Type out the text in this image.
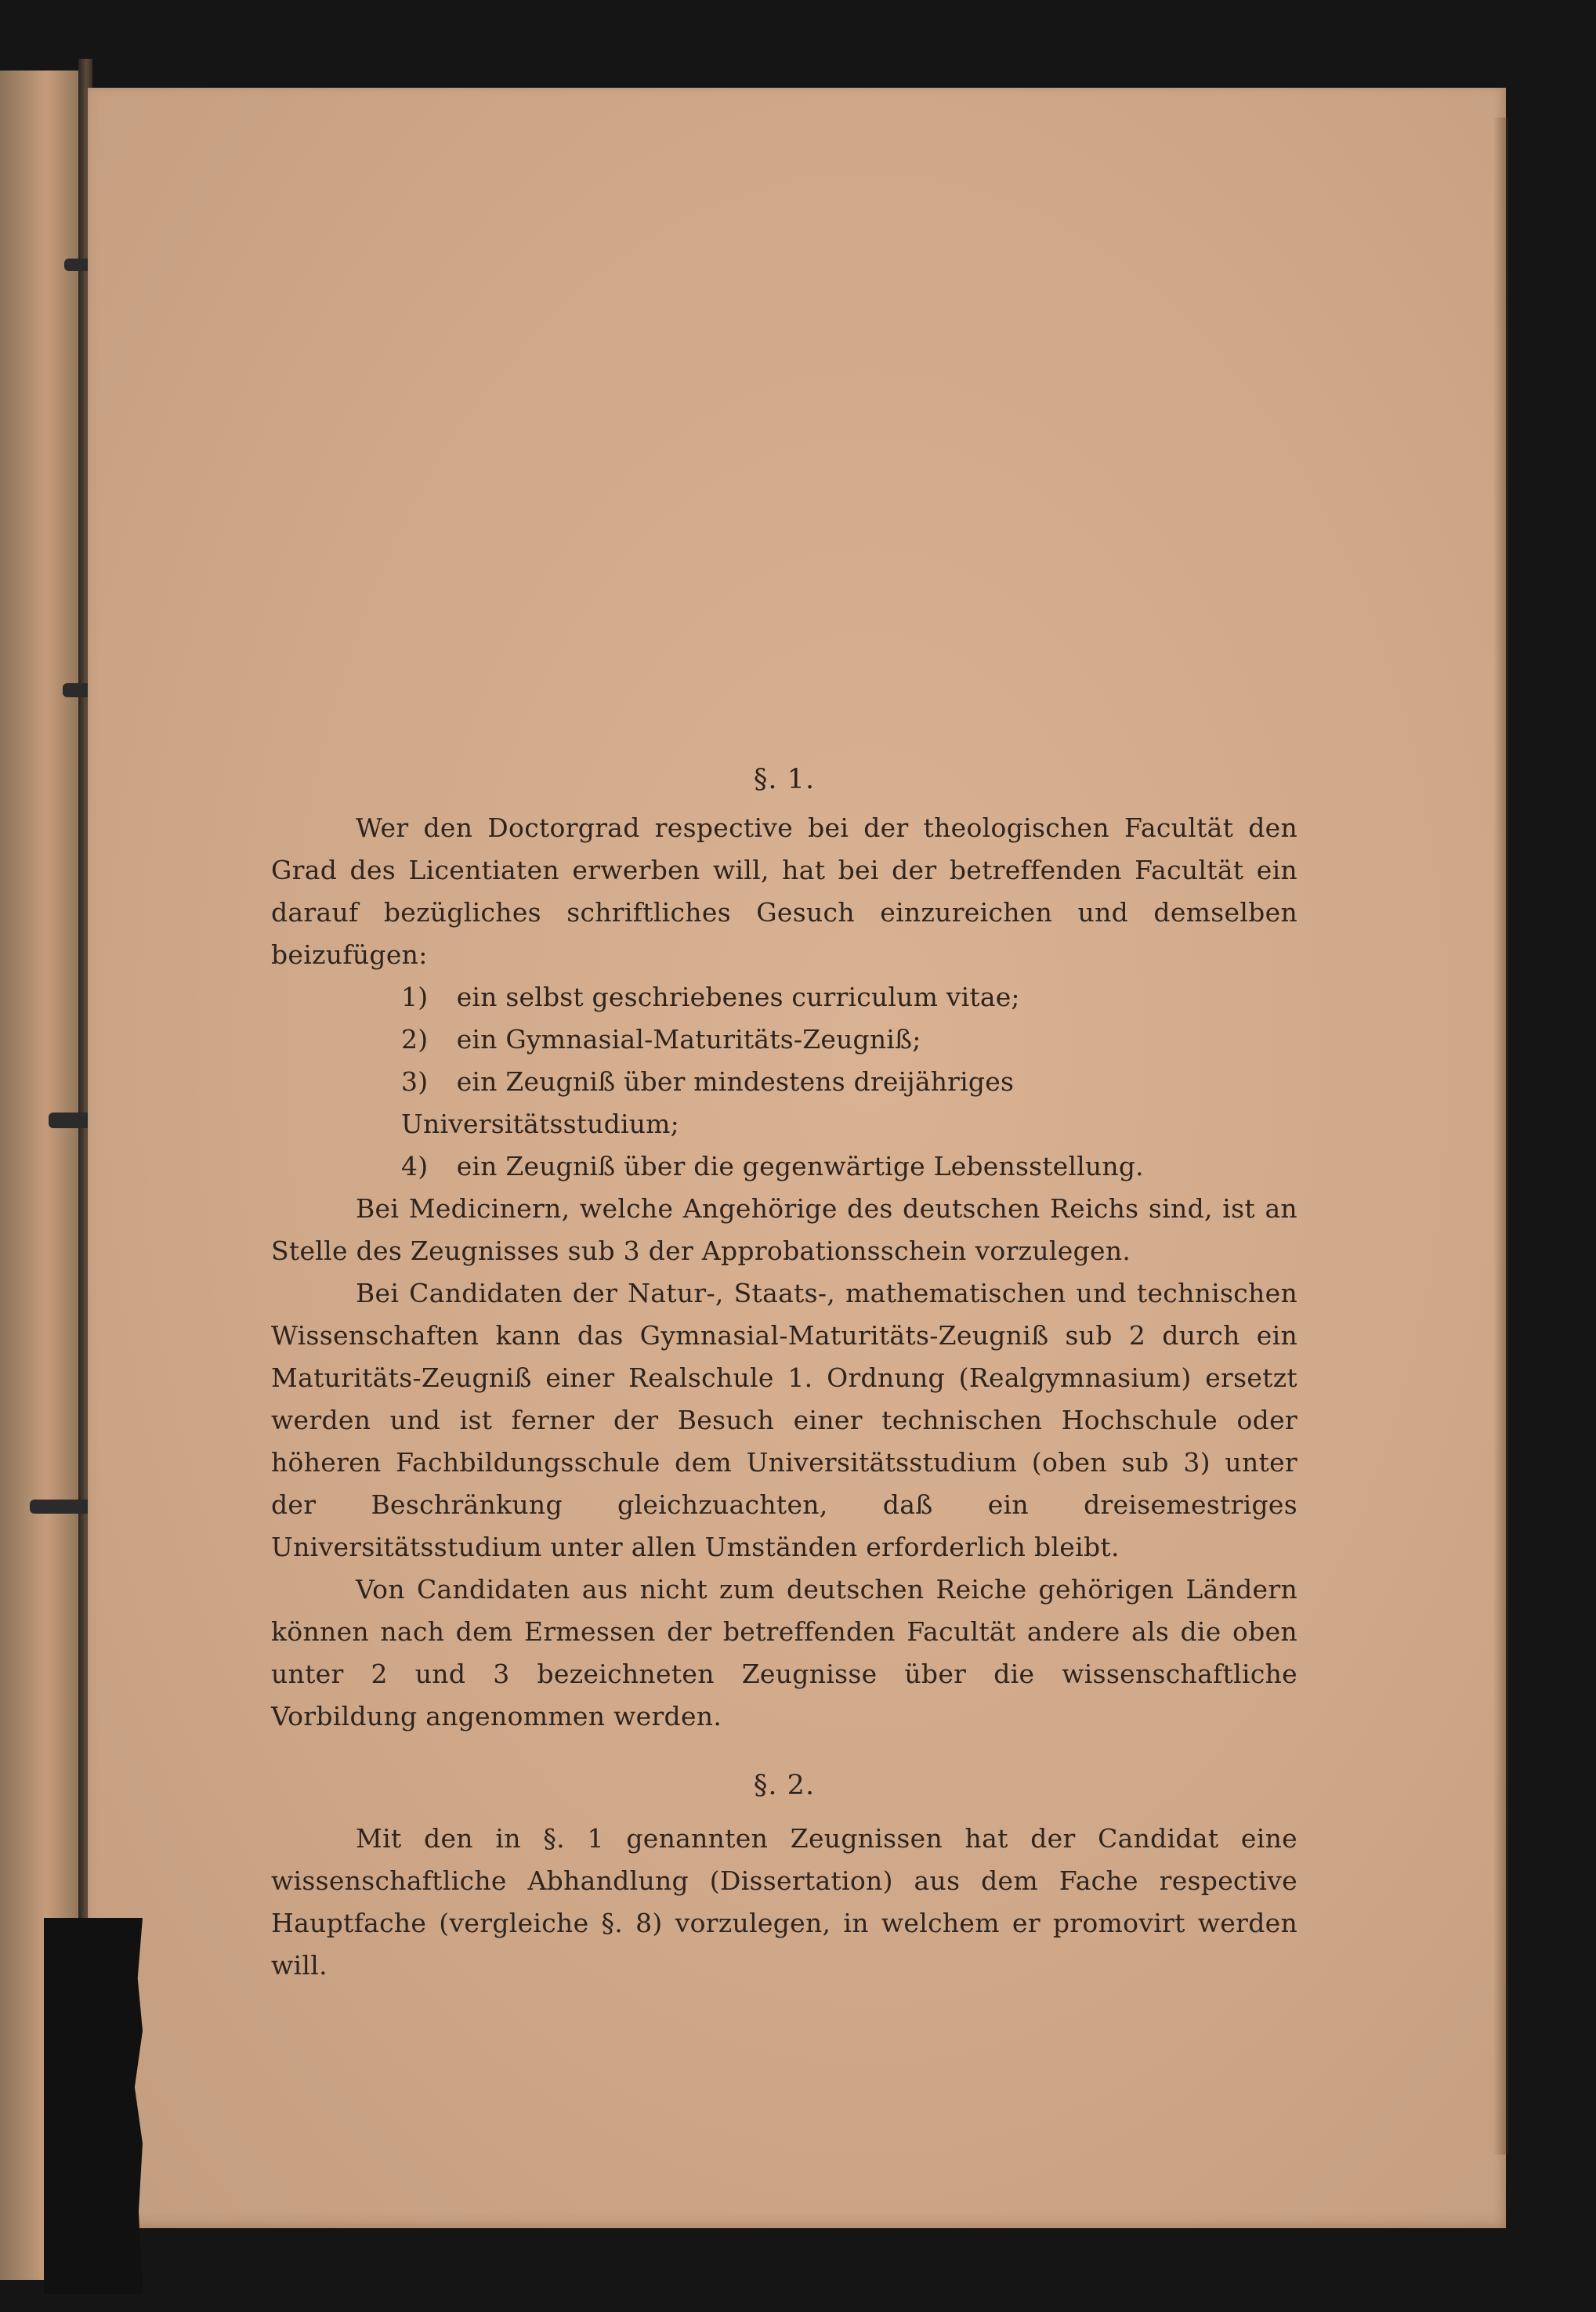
§. 1.

Wer den Doctorgrad respective bei der theologischen Facultät den Grad des Licentiaten erwerben will, hat bei der betreffenden Facultät ein darauf bezügliches schriftliches Gesuch einzureichen und demselben beizufügen:

1) ein selbst geschriebenes curriculum vitae;
2) ein Gymnasial-Maturitäts-Zeugniß;
3) ein Zeugniß über mindestens dreijähriges Universitätsstudium;
4) ein Zeugniß über die gegenwärtige Lebensstellung.

Bei Medicinern, welche Angehörige des deutschen Reichs sind, ist an Stelle des Zeugnisses sub 3 der Approbationsschein vorzulegen.

Bei Candidaten der Natur-, Staats-, mathematischen und technischen Wissenschaften kann das Gymnasial-Maturitäts-Zeugniß sub 2 durch ein Maturitäts-Zeugniß einer Realschule 1. Ordnung (Realgymnasium) ersetzt werden und ist ferner der Besuch einer technischen Hochschule oder höheren Fachbildungsschule dem Universitätsstudium (oben sub 3) unter der Beschränkung gleichzuachten, daß ein dreisemestriges Universitätsstudium unter allen Umständen erforderlich bleibt.

Von Candidaten aus nicht zum deutschen Reiche gehörigen Ländern können nach dem Ermessen der betreffenden Facultät andere als die oben unter 2 und 3 bezeichneten Zeugnisse über die wissenschaftliche Vorbildung angenommen werden.

§. 2.

Mit den in §. 1 genannten Zeugnissen hat der Candidat eine wissenschaftliche Abhandlung (Dissertation) aus dem Fache respective Hauptfache (vergleiche §. 8) vorzulegen, in welchem er promovirt werden will.
